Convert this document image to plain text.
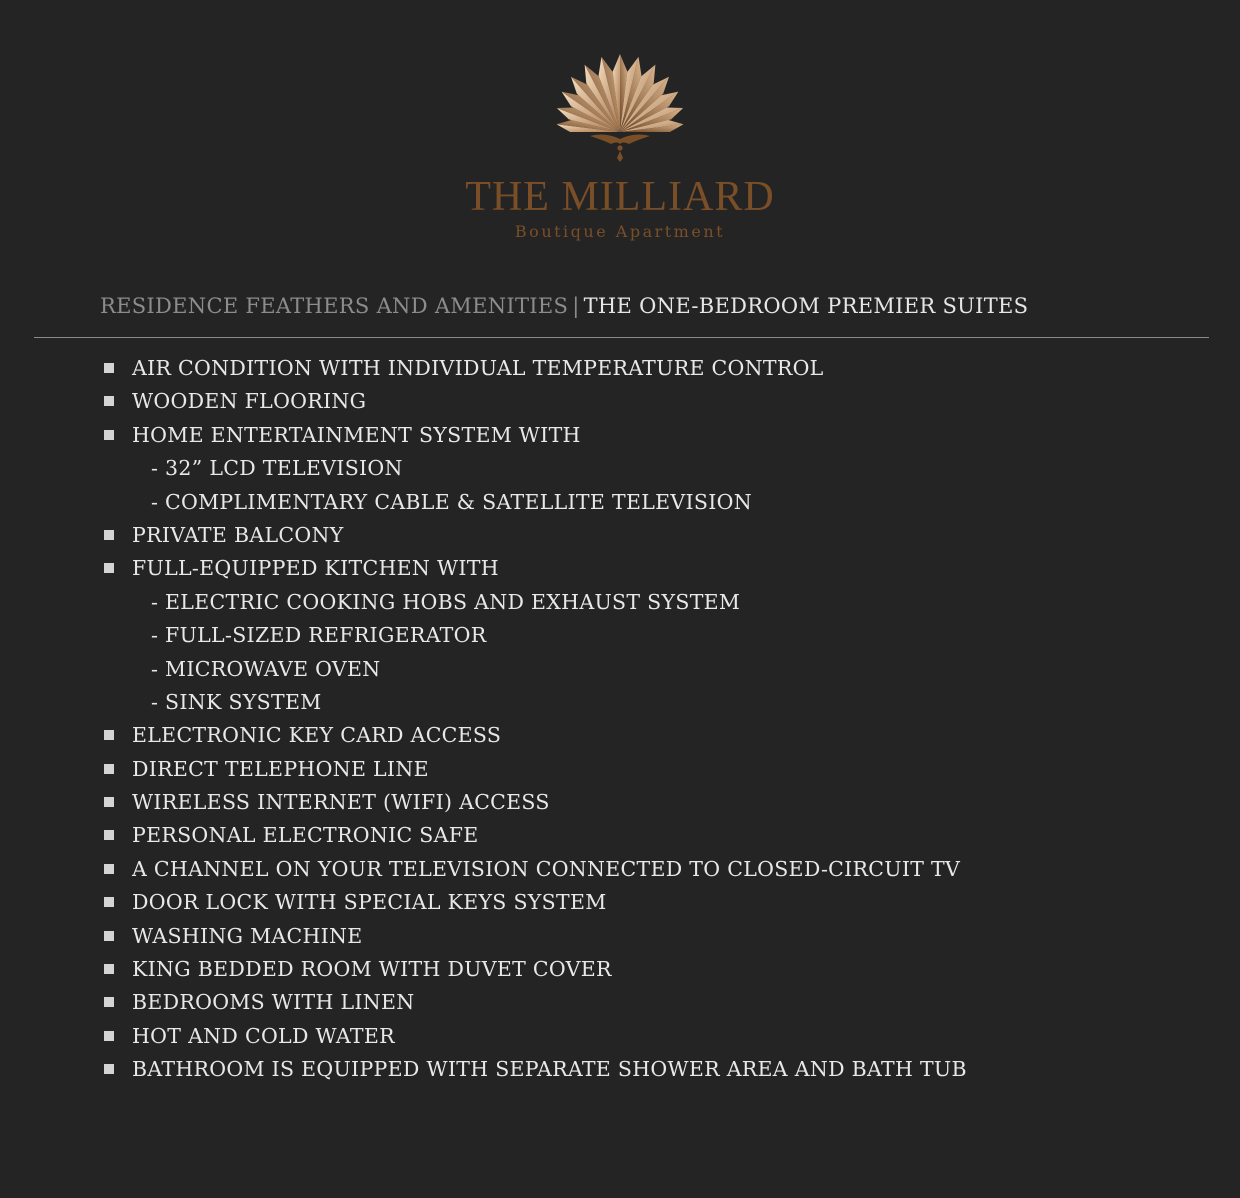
THE MILLIARD
Boutique Apartment
RESIDENCE FEATHERS AND AMENITIES | THE ONE-BEDROOM PREMIER SUITES
AIR CONDITION WITH INDIVIDUAL TEMPERATURE CONTROL
WOODEN FLOORING
HOME ENTERTAINMENT SYSTEM WITH
- 32” LCD TELEVISION
- COMPLIMENTARY CABLE & SATELLITE TELEVISION
PRIVATE BALCONY
FULL-EQUIPPED KITCHEN WITH
- ELECTRIC COOKING HOBS AND EXHAUST SYSTEM
- FULL-SIZED REFRIGERATOR
- MICROWAVE OVEN
- SINK SYSTEM
ELECTRONIC KEY CARD ACCESS
DIRECT TELEPHONE LINE
WIRELESS INTERNET (WIFI) ACCESS
PERSONAL ELECTRONIC SAFE
A CHANNEL ON YOUR TELEVISION CONNECTED TO CLOSED-CIRCUIT TV
DOOR LOCK WITH SPECIAL KEYS SYSTEM
WASHING MACHINE
KING BEDDED ROOM WITH DUVET COVER
BEDROOMS WITH LINEN
HOT AND COLD WATER
BATHROOM IS EQUIPPED WITH SEPARATE SHOWER AREA AND BATH TUB
